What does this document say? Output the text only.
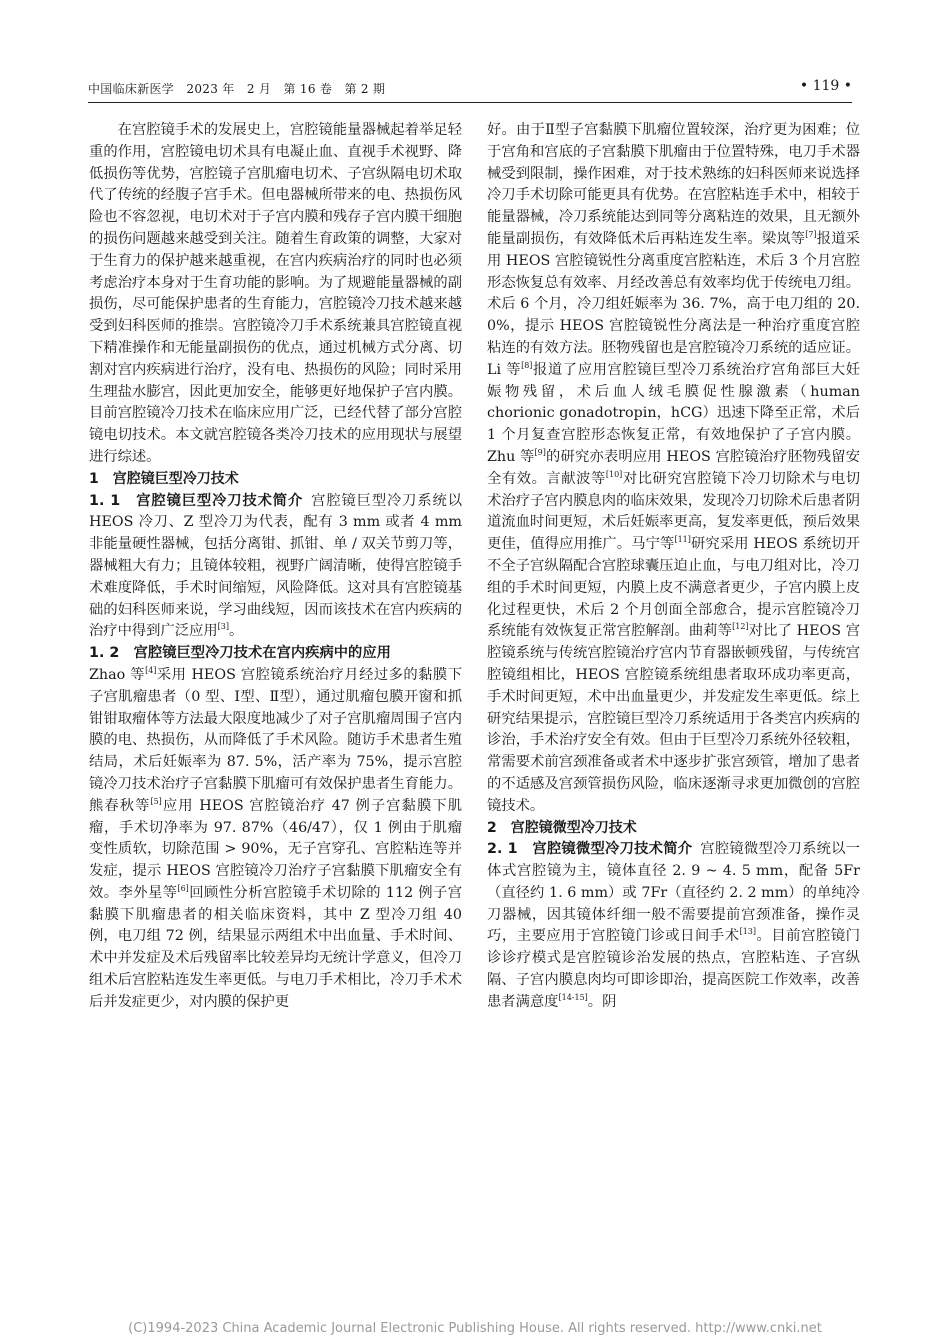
中国临床新医学　2023 年　2 月　第 16 卷　第 2 期	• 119 •

在宫腔镜手术的发展史上，宫腔镜能量器械起着举足轻重的作用，宫腔镜电切术具有电凝止血、直视手术视野、降低损伤等优势，宫腔镜子宫肌瘤电切术、子宫纵隔电切术取代了传统的经腹子宫手术。但电器械所带来的电、热损伤风险也不容忽视，电切术对于子宫内膜和残存子宫内膜干细胞的损伤问题越来越受到关注。随着生育政策的调整，大家对于生育力的保护越来越重视，在宫内疾病治疗的同时也必须考虑治疗本身对于生育功能的影响。为了规避能量器械的副损伤，尽可能保护患者的生育能力，宫腔镜冷刀技术越来越受到妇科医师的推崇。宫腔镜冷刀手术系统兼具宫腔镜直视下精准操作和无能量副损伤的优点，通过机械方式分离、切割对宫内疾病进行治疗，没有电、热损伤的风险；同时采用生理盐水膨宫，因此更加安全，能够更好地保护子宫内膜。目前宫腔镜冷刀技术在临床应用广泛，已经代替了部分宫腔镜电切技术。本文就宫腔镜各类冷刀技术的应用现状与展望进行综述。

1　宫腔镜巨型冷刀技术

1. 1　宫腔镜巨型冷刀技术简介 宫腔镜巨型冷刀系统以 HEOS 冷刀、Z 型冷刀为代表，配有 3 mm 或者 4 mm 非能量硬性器械，包括分离钳、抓钳、单 / 双关节剪刀等，器械粗大有力；且镜体较粗，视野广阔清晰，使得宫腔镜手术难度降低，手术时间缩短，风险降低。这对具有宫腔镜基础的妇科医师来说，学习曲线短，因而该技术在宫内疾病的治疗中得到广泛应用[3]。

1. 2　宫腔镜巨型冷刀技术在宫内疾病中的应用

Zhao 等[4]采用 HEOS 宫腔镜系统治疗月经过多的黏膜下子宫肌瘤患者（0 型、Ⅰ型、Ⅱ型），通过肌瘤包膜开窗和抓钳钳取瘤体等方法最大限度地减少了对子宫肌瘤周围子宫内膜的电、热损伤，从而降低了手术风险。随访手术患者生殖结局，术后妊娠率为 87. 5%，活产率为 75%，提示宫腔镜冷刀技术治疗子宫黏膜下肌瘤可有效保护患者生育能力。熊春秋等[5]应用 HEOS 宫腔镜治疗 47 例子宫黏膜下肌瘤，手术切净率为 97. 87%（46/47），仅 1 例由于肌瘤变性质软，切除范围 > 90%，无子宫穿孔、宫腔粘连等并发症，提示 HEOS 宫腔镜冷刀治疗子宫黏膜下肌瘤安全有效。李外星等[6]回顾性分析宫腔镜手术切除的 112 例子宫黏膜下肌瘤患者的相关临床资料，其中 Z 型冷刀组 40 例，电刀组 72 例，结果显示两组术中出血量、手术时间、术中并发症及术后残留率比较差异均无统计学意义，但冷刀组术后宫腔粘连发生率更低。与电刀手术相比，冷刀手术术后并发症更少，对内膜的保护更

好。由于Ⅱ型子宫黏膜下肌瘤位置较深，治疗更为困难；位于宫角和宫底的子宫黏膜下肌瘤由于位置特殊，电刀手术器械受到限制，操作困难，对于技术熟练的妇科医师来说选择冷刀手术切除可能更具有优势。在宫腔粘连手术中，相较于能量器械，冷刀系统能达到同等分离粘连的效果，且无额外能量副损伤，有效降低术后再粘连发生率。梁岚等[7]报道采用 HEOS 宫腔镜锐性分离重度宫腔粘连，术后 3 个月宫腔形态恢复总有效率、月经改善总有效率均优于传统电刀组。术后 6 个月，冷刀组妊娠率为 36. 7%，高于电刀组的 20. 0%，提示 HEOS 宫腔镜锐性分离法是一种治疗重度宫腔粘连的有效方法。胚物残留也是宫腔镜冷刀系统的适应证。Li 等[8]报道了应用宫腔镜巨型冷刀系统治疗宫角部巨大妊娠物残留，术后血人绒毛膜促性腺激素（human chorionic gonadotropin，hCG）迅速下降至正常，术后 1 个月复查宫腔形态恢复正常，有效地保护了子宫内膜。Zhu 等[9]的研究亦表明应用 HEOS 宫腔镜治疗胚物残留安全有效。言献波等[10]对比研究宫腔镜下冷刀切除术与电切术治疗子宫内膜息肉的临床效果，发现冷刀切除术后患者阴道流血时间更短，术后妊娠率更高，复发率更低，预后效果更佳，值得应用推广。马宁等[11]研究采用 HEOS 系统切开不全子宫纵隔配合宫腔球囊压迫止血，与电刀组对比，冷刀组的手术时间更短，内膜上皮不满意者更少，子宫内膜上皮化过程更快，术后 2 个月创面全部愈合，提示宫腔镜冷刀系统能有效恢复正常宫腔解剖。曲莉等[12]对比了 HEOS 宫腔镜系统与传统宫腔镜治疗宫内节育器嵌顿残留，与传统宫腔镜组相比，HEOS 宫腔镜系统组患者取环成功率更高，手术时间更短，术中出血量更少，并发症发生率更低。综上研究结果提示，宫腔镜巨型冷刀系统适用于各类宫内疾病的诊治，手术治疗安全有效。但由于巨型冷刀系统外径较粗，常需要术前宫颈准备或者术中逐步扩张宫颈管，增加了患者的不适感及宫颈管损伤风险，临床逐渐寻求更加微创的宫腔镜技术。

2　宫腔镜微型冷刀技术

2. 1　宫腔镜微型冷刀技术简介 宫腔镜微型冷刀系统以一体式宫腔镜为主，镜体直径 2. 9 ~ 4. 5 mm，配备 5Fr（直径约 1. 6 mm）或 7Fr（直径约 2. 2 mm）的单纯冷刀器械，因其镜体纤细一般不需要提前宫颈准备，操作灵巧，主要应用于宫腔镜门诊或日间手术[13]。目前宫腔镜门诊诊疗模式是宫腔镜诊治发展的热点，宫腔粘连、子宫纵隔、子宫内膜息肉均可即诊即治，提高医院工作效率，改善患者满意度[14-15]。阴

(C)1994-2023 China Academic Journal Electronic Publishing House. All rights reserved. http://www.cnki.net
